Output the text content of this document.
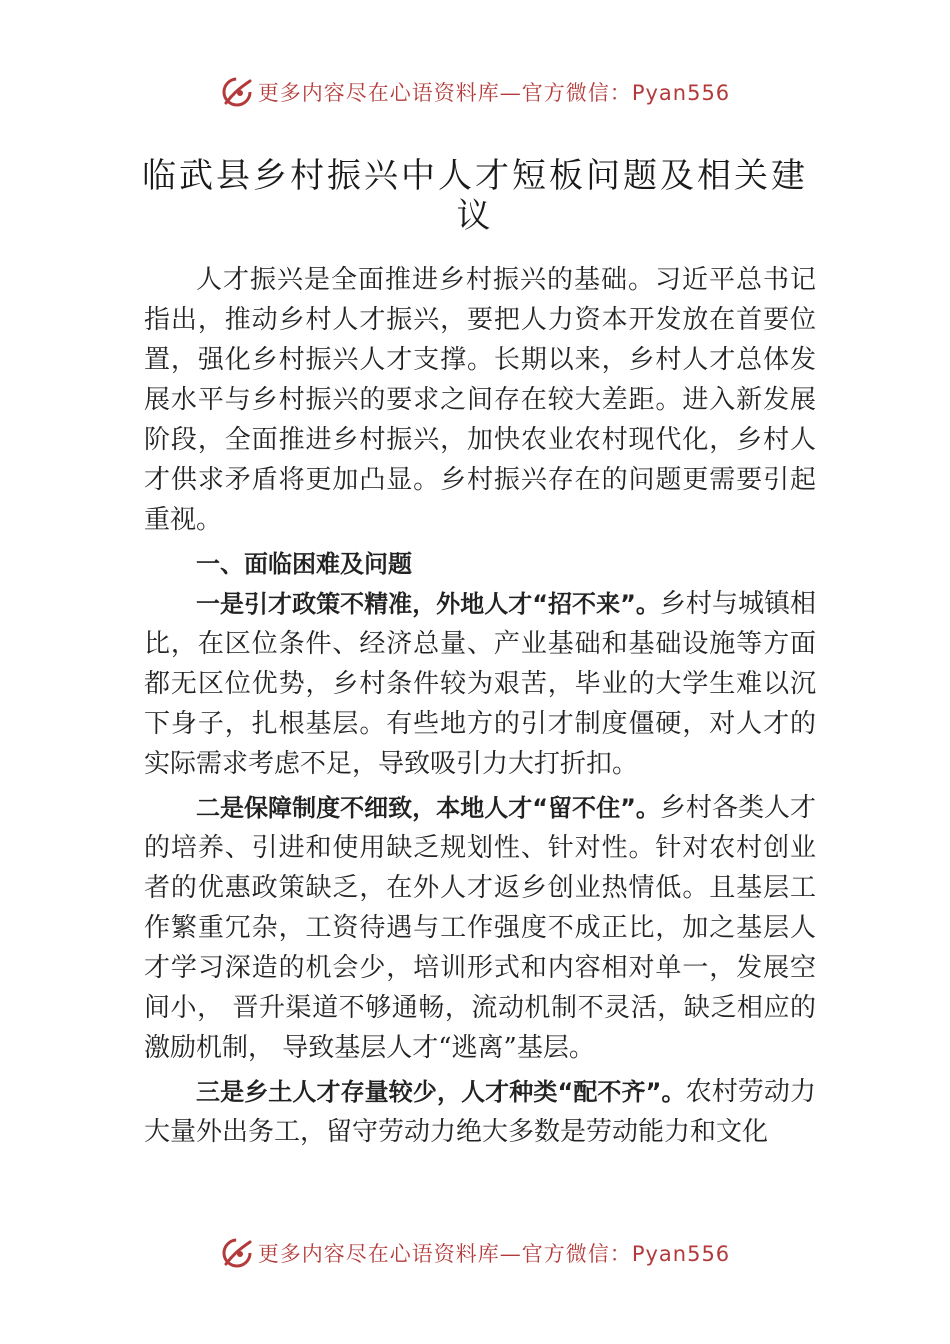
更多内容尽在心语资料库—官方微信：Pyan556
临武县乡村振兴中人才短板问题及相关建议

人才振兴是全面推进乡村振兴的基础。习近平总书记指出，推动乡村人才振兴，要把人力资本开发放在首要位置，强化乡村振兴人才支撑。长期以来，乡村人才总体发展水平与乡村振兴的要求之间存在较大差距。进入新发展阶段，全面推进乡村振兴，加快农业农村现代化，乡村人才供求矛盾将更加凸显。乡村振兴存在的问题更需要引起重视。

一、面临困难及问题

一是引才政策不精准，外地人才“招不来”。乡村与城镇相比，在区位条件、经济总量、产业基础和基础设施等方面都无区位优势，乡村条件较为艰苦，毕业的大学生难以沉下身子，扎根基层。有些地方的引才制度僵硬，对人才的实际需求考虑不足，导致吸引力大打折扣。

二是保障制度不细致，本地人才“留不住”。乡村各类人才的培养、引进和使用缺乏规划性、针对性。针对农村创业者的优惠政策缺乏，在外人才返乡创业热情低。且基层工作繁重冗杂，工资待遇与工作强度不成正比，加之基层人才学习深造的机会少，培训形式和内容相对单一，发展空间小， 晋升渠道不够通畅，流动机制不灵活，缺乏相应的激励机制， 导致基层人才“逃离”基层。

三是乡土人才存量较少，人才种类“配不齐”。农村劳动力大量外出务工，留守劳动力绝大多数是劳动能力和文化

更多内容尽在心语资料库—官方微信：Pyan556
